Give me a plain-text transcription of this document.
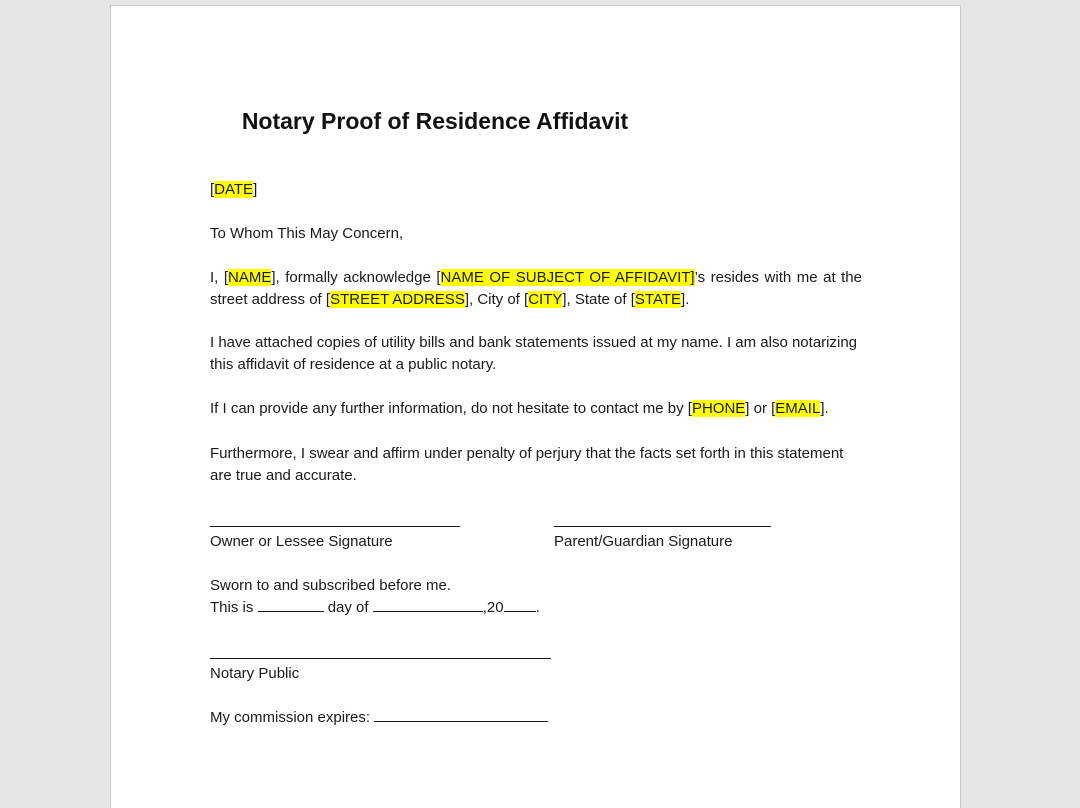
Notary Proof of Residence Affidavit
[DATE]
To Whom This May Concern,
I, [NAME], formally acknowledge [NAME OF SUBJECT OF AFFIDAVIT]’s resides with me at the street address of [STREET ADDRESS], City of [CITY], State of [STATE].
I have attached copies of utility bills and bank statements issued at my name. I am also notarizing this affidavit of residence at a public notary.
If I can provide any further information, do not hesitate to contact me by [PHONE] or [EMAIL].
Furthermore, I swear and affirm under penalty of perjury that the facts set forth in this statement are true and accurate.
Owner or Lessee Signature	Parent/Guardian Signature
Sworn to and subscribed before me.
This is	day of	,20 .
Notary Public
My commission expires:
